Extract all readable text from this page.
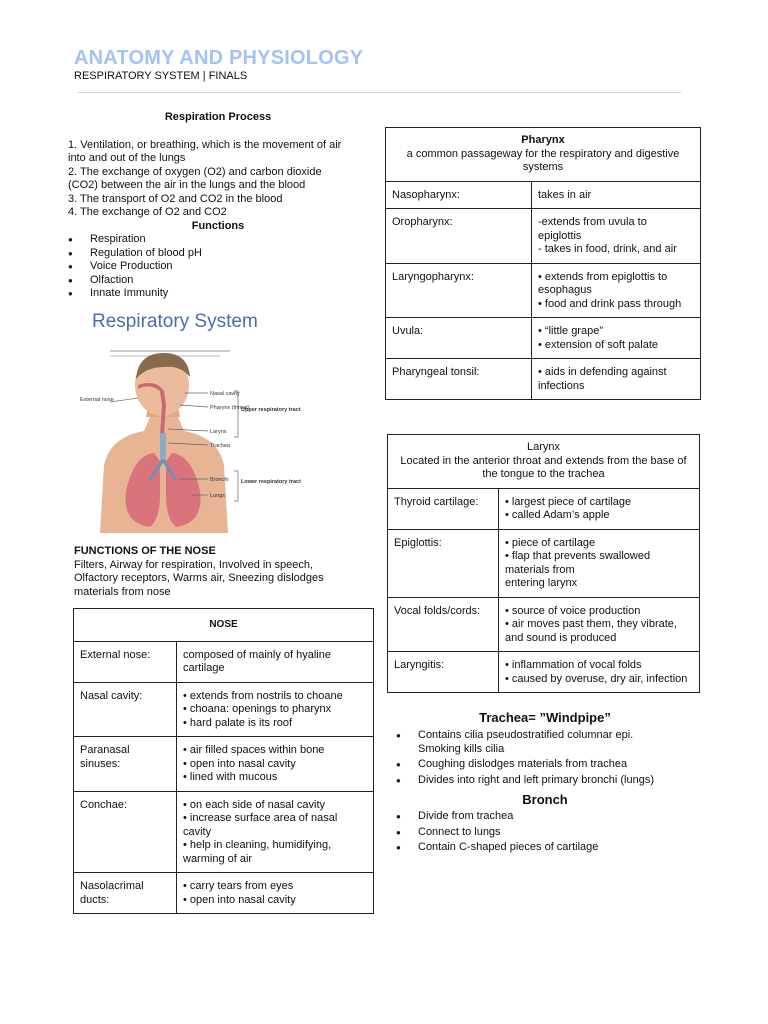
ANATOMY AND PHYSIOLOGY
RESPIRATORY SYSTEM | FINALS
Respiration Process
1. Ventilation, or breathing, which is the movement of air
into and out of the lungs
2. The exchange of oxygen (O2) and carbon dioxide
(CO2) between the air in the lungs and the blood
3. The transport of O2 and CO2 in the blood
4. The exchange of O2 and CO2
Functions
● Respiration
● Regulation of blood pH
● Voice Production
● Olfaction
● Innate Immunity
Respiratory System
External nose
Nasal cavity
Pharynx (throat)
Larynx
Trachea
Bronchi
Lungs
Upper respiratory tract
Lower respiratory tract
FUNCTIONS OF THE NOSE
Filters, Airway for respiration, Involved in speech,
Olfactory receptors, Warms air, Sneezing dislodges
materials from nose
NOSE	
External nose:	composed of mainly of hyaline
cartilage

Nasal cavity:	• extends from nostrils to choane
• choana: openings to pharynx
• hard palate is its roof

Paranasal sinuses:	• air filled spaces within bone
• open into nasal cavity
• lined with mucous

Conchae:	• on each side of nasal cavity
• increase surface area of nasal
cavity
• help in cleaning, humidifying,
warming of air

Nasolacrimal ducts:	• carry tears from eyes
• open into nasal cavity
Pharynx
a common passageway for the respiratory and digestive systems	

Nasopharynx:	takes in air

Oropharynx:	-extends from uvula to
epiglottis
- takes in food, drink, and air

Laryngopharynx:	• extends from epiglottis to
esophagus
• food and drink pass through

Uvula:	• “little grape”
• extension of soft palate

Pharyngeal tonsil:	• aids in defending against
infections
Larynx
Located in the anterior throat and extends from the base of the tongue to the trachea	

Thyroid cartilage:	• largest piece of cartilage
• called Adam’s apple

Epiglottis:	• piece of cartilage
• flap that prevents swallowed
materials from
entering larynx

Vocal folds/cords:	• source of voice production
• air moves past them, they vibrate,
and sound is produced

Laryngitis:	• inflammation of vocal folds
• caused by overuse, dry air, infection
Trachea= ”Windpipe”
● Contains cilia pseudostratified columnar epi.
Smoking kills cilia
● Coughing dislodges materials from trachea
● Divides into right and left primary bronchi (lungs)
Bronch
● Divide from trachea
● Connect to lungs
● Contain C-shaped pieces of cartilage
